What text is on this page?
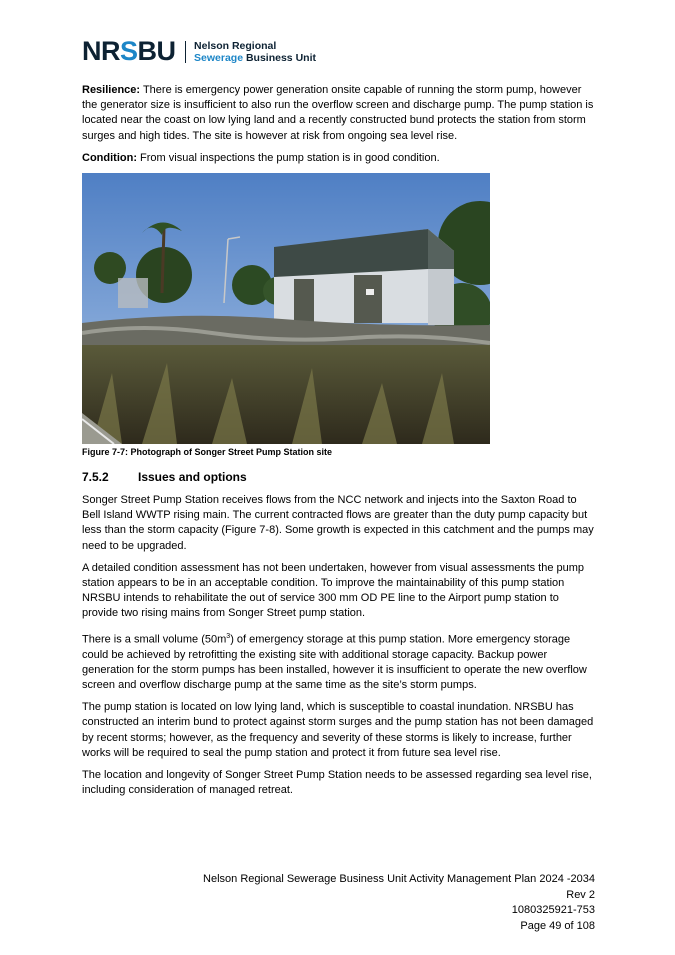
NRSBU Nelson Regional
Sewerage Business Unit

Resilience: There is emergency power generation onsite capable of running the storm pump, however the generator size is insufficient to also run the overflow screen and discharge pump. The pump station is located near the coast on low lying land and a recently constructed bund protects the station from storm surges and high tides. The site is however at risk from ongoing sea level rise.

Condition: From visual inspections the pump station is in good condition.

Figure 7-7: Photograph of Songer Street Pump Station site
7.5.2 Issues and options

Songer Street Pump Station receives flows from the NCC network and injects into the Saxton Road to Bell Island WWTP rising main. The current contracted flows are greater than the duty pump capacity but less than the storm capacity (Figure 7-8). Some growth is expected in this catchment and the pumps may need to be upgraded.

A detailed condition assessment has not been undertaken, however from visual assessments the pump station appears to be in an acceptable condition. To improve the maintainability of this pump station NRSBU intends to rehabilitate the out of service 300 mm OD PE line to the Airport pump station to provide two rising mains from Songer Street pump station.

There is a small volume $(50m^3)$ of emergency storage at this pump station. More emergency storage could be achieved by retrofitting the existing site with additional storage capacity. Backup power generation for the storm pumps has been installed, however it is insufficient to operate the new overflow screen and overflow discharge pump at the same time as the site’s storm pumps.

The pump station is located on low lying land, which is susceptible to coastal inundation. NRSBU has constructed an interim bund to protect against storm surges and the pump station has not been damaged by recent storms; however, as the frequency and severity of these storms is likely to increase, further works will be required to seal the pump station and protect it from future sea level rise.

The location and longevity of Songer Street Pump Station needs to be assessed regarding sea level rise, including consideration of managed retreat.

Nelson Regional Sewerage Business Unit Activity Management Plan 2024 -2034
Rev 2
1080325921-753
Page 49 of 108
